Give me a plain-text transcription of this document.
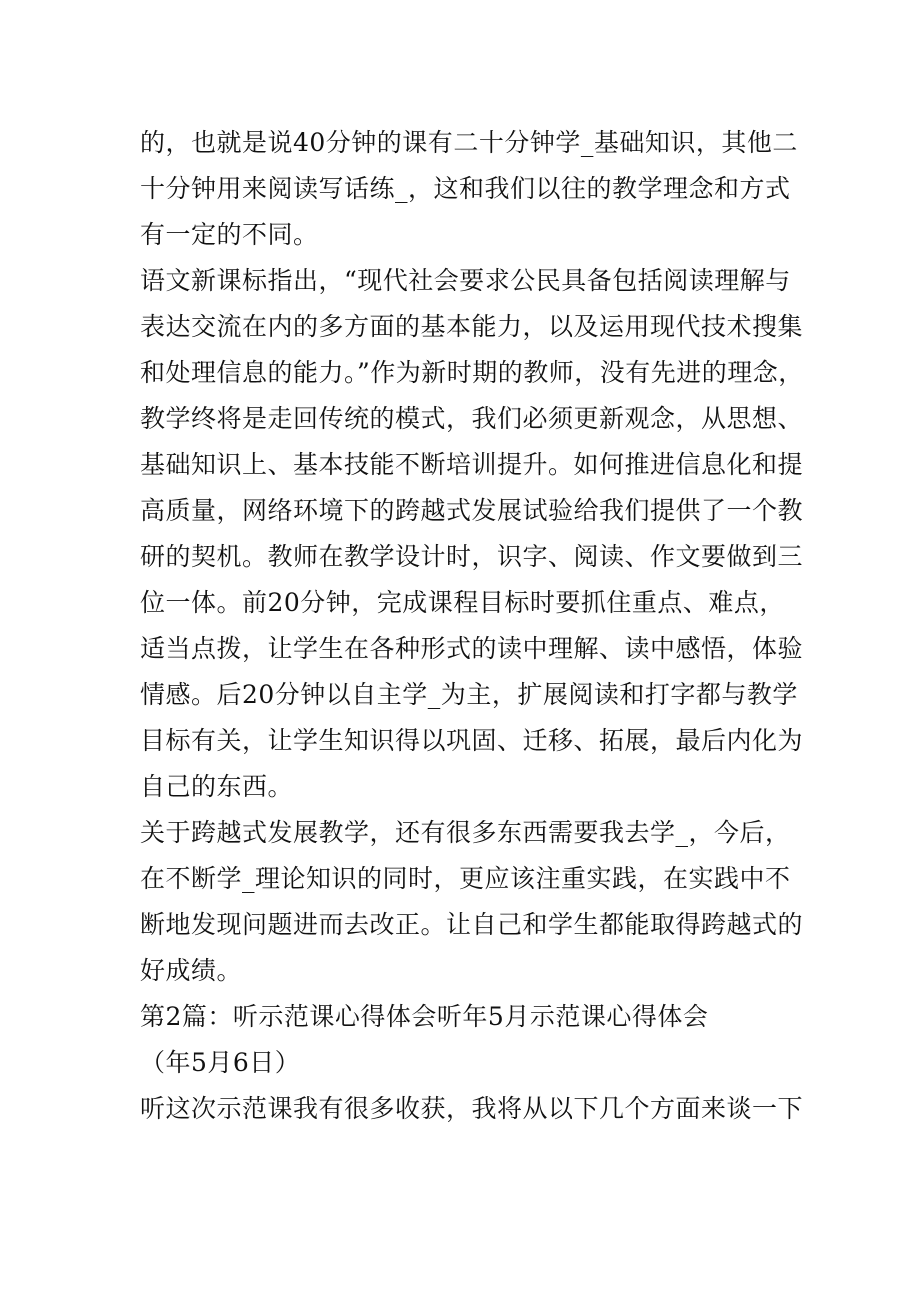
的，也就是说40分钟的课有二十分钟学_基础知识，其他二
十分钟用来阅读写话练_，这和我们以往的教学理念和方式
有一定的不同。
语文新课标指出，“现代社会要求公民具备包括阅读理解与
表达交流在内的多方面的基本能力，以及运用现代技术搜集
和处理信息的能力。”作为新时期的教师，没有先进的理念，
教学终将是走回传统的模式，我们必须更新观念，从思想、
基础知识上、基本技能不断培训提升。如何推进信息化和提
高质量，网络环境下的跨越式发展试验给我们提供了一个教
研的契机。教师在教学设计时，识字、阅读、作文要做到三
位一体。前20分钟，完成课程目标时要抓住重点、难点，
适当点拨，让学生在各种形式的读中理解、读中感悟，体验
情感。后20分钟以自主学_为主，扩展阅读和打字都与教学
目标有关，让学生知识得以巩固、迁移、拓展，最后内化为
自己的东西。
关于跨越式发展教学，还有很多东西需要我去学_，今后，
在不断学_理论知识的同时，更应该注重实践，在实践中不
断地发现问题进而去改正。让自己和学生都能取得跨越式的
好成绩。
第2篇：听示范课心得体会听年5月示范课心得体会
（年5月6日）
听这次示范课我有很多收获，我将从以下几个方面来谈一下
